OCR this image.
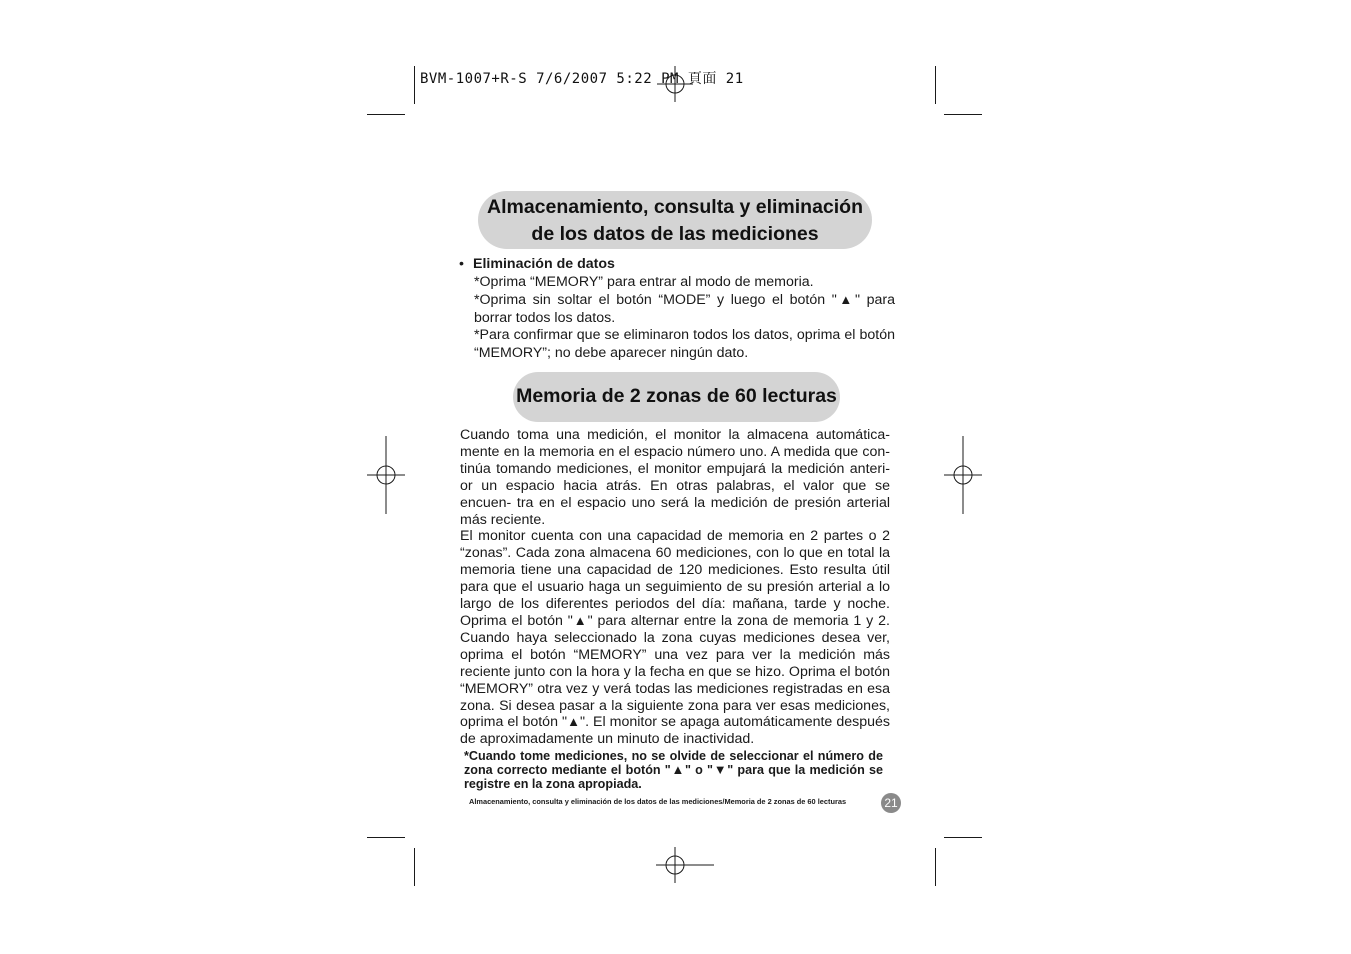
BVM-1007+R-S 7/6/2007 5:22 PM 頁面 21
Almacenamiento, consulta y eliminación
de los datos de las mediciones
• Eliminación de datos

*Oprima “MEMORY” para entrar al modo de memoria.

*Oprima sin soltar el botón “MODE” y luego el botón "▲" para borrar todos los datos.

*Para confirmar que se eliminaron todos los datos, oprima el botón “MEMORY”; no debe aparecer ningún dato.

Memoria de 2 zonas de 60 lecturas

Cuando toma una medición, el monitor la almacena automática- mente en la memoria en el espacio número uno. A medida que con- tinúa tomando mediciones, el monitor empujará la medición anteri- or un espacio hacia atrás. En otras palabras, el valor que se encuen- tra en el espacio uno será la medición de presión arterial más reciente.

El monitor cuenta con una capacidad de memoria en 2 partes o 2 “zonas”. Cada zona almacena 60 mediciones, con lo que en total la memoria tiene una capacidad de 120 mediciones. Esto resulta útil para que el usuario haga un seguimiento de su presión arterial a lo largo de los diferentes periodos del día: mañana, tarde y noche. Oprima el botón "▲" para alternar entre la zona de memoria 1 y 2. Cuando haya seleccionado la zona cuyas mediciones desea ver, oprima el botón “MEMORY” una vez para ver la medición más reciente junto con la hora y la fecha en que se hizo. Oprima el botón “MEMORY” otra vez y verá todas las mediciones registradas en esa zona. Si desea pasar a la siguiente zona para ver esas mediciones, oprima el botón "▲". El monitor se apaga automáticamente después de aproximadamente un minuto de inactividad.

*Cuando tome mediciones, no se olvide de seleccionar el número de zona correcto mediante el botón "▲" o "▼" para que la medición se registre en la zona apropiada.
Almacenamiento, consulta y eliminación de los datos de las mediciones/Memoria de 2 zonas de 60 lecturas	21
